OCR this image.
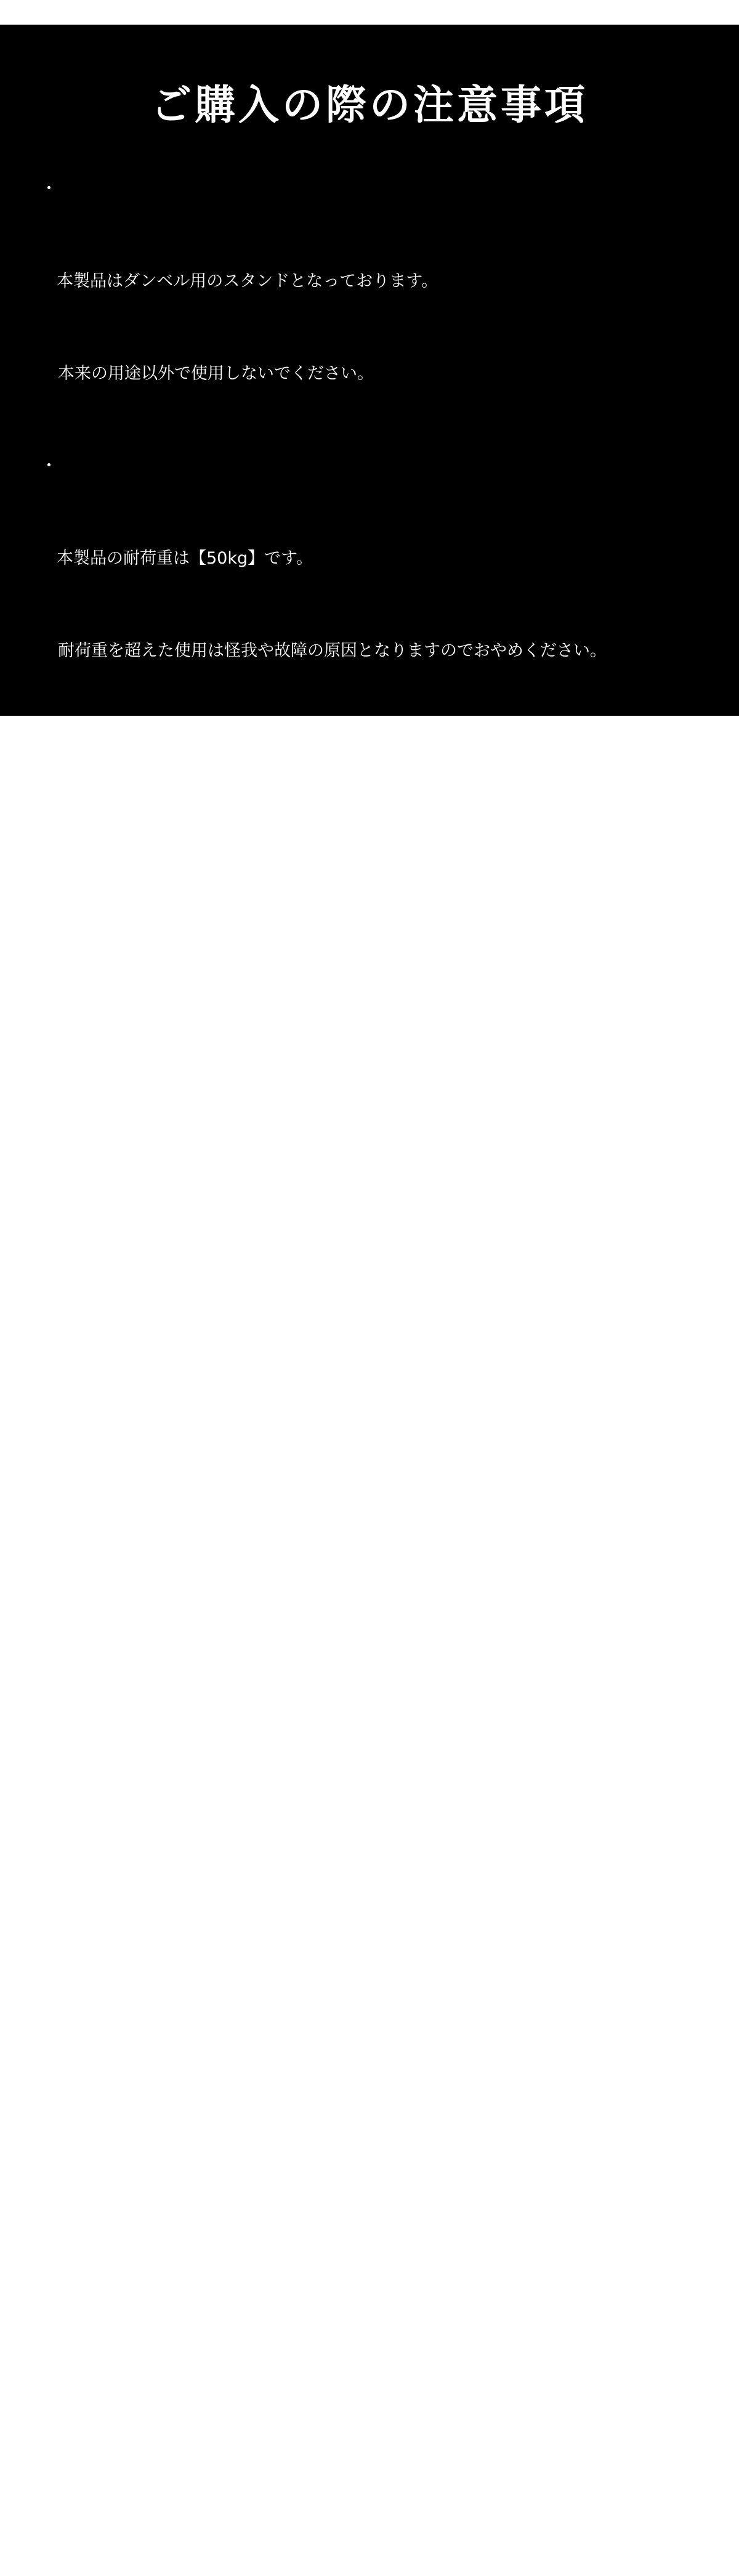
ご購入の際の注意事項

・

本製品はダンベル用のスタンドとなっております。

本来の用途以外で使用しないでください。

・

本製品の耐荷重は【50kg】です。

耐荷重を超えた使用は怪我や故障の原因となりますのでおやめください。

・

本製品は重量があり大変危険です。

思わぬ事故を避けるため、小さなお子様を近づけさせないでください。

・

本製品は家庭用となります。

ご自宅以外（学校・スポーツジム等）での使用はお控えください。

・

ダンベルを高い位置から落下させないでください。

製品の破損に繋がります。

・

ダンベルを載せたまま製品を移動させないでください。

製品の転倒やダンベルの落下といったリスクがございます。

・

ダンベルの転倒や落下を防ぐため、スタンドに置く際は必ず付属のベルトで

固定してください。

・

脚フレームに装着されたラバー素材と床材との相性により、移染が発生する

場合がございます。必要に応じて床保護マット等を併用してください。

・

使用する前に各部のボルトが完全に固定されているか必ずご確認ください。
